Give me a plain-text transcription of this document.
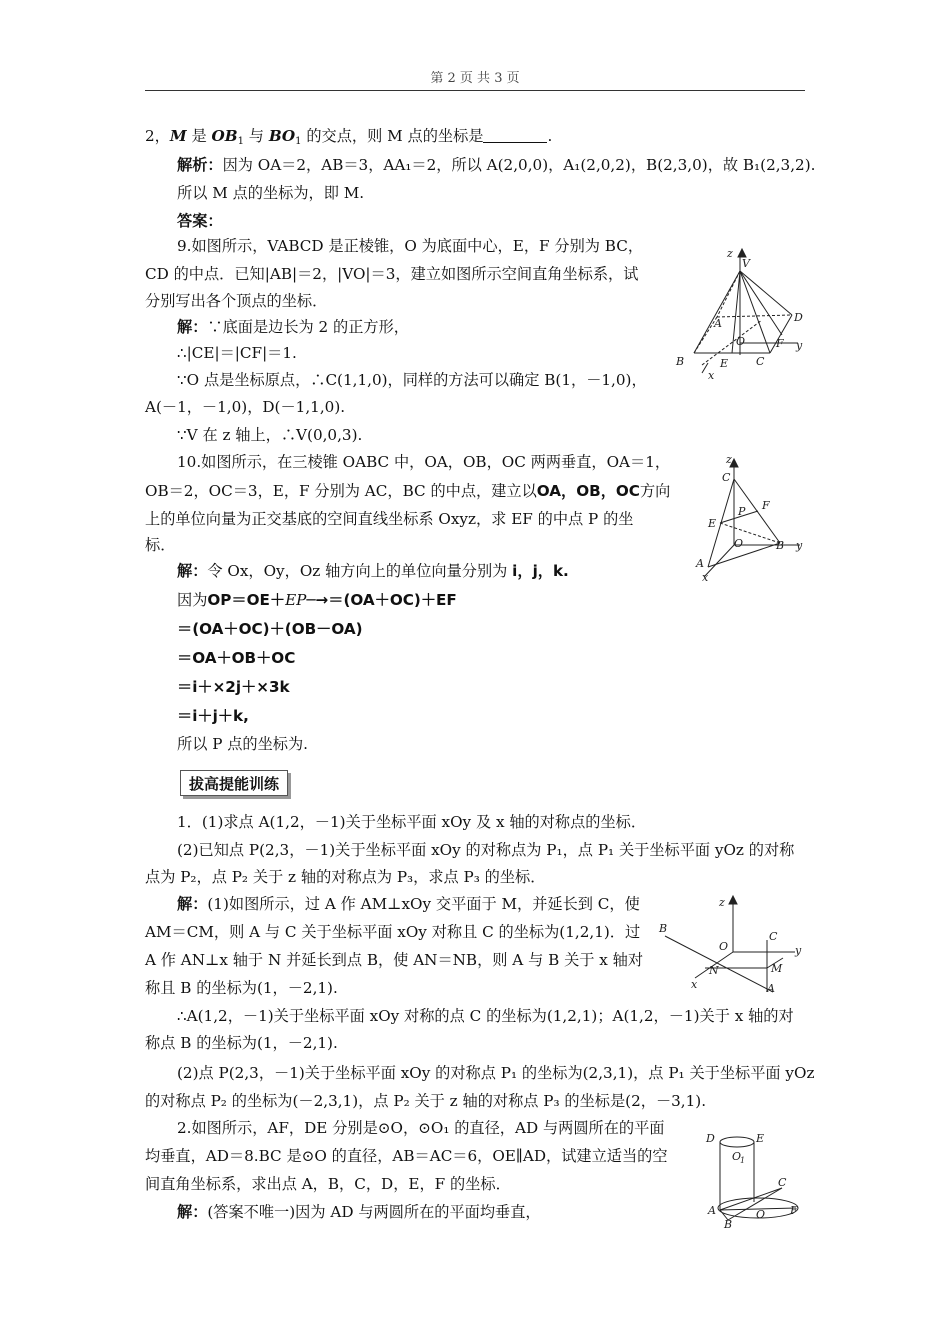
第 2 页 共 3 页
2，M 是 $OB_1$ 与 $BO_1$ 的交点，则 M 点的坐标是	.
解析：因为 OA＝2，AB＝3，AA₁＝2，所以 A(2,0,0)，A₁(2,0,2)，B(2,3,0)，故 B₁(2,3,2).
所以 M 点的坐标为，即 M.
答案：
9.如图所示，VABCD 是正棱锥，O 为底面中心，E，F 分别为 BC，
CD 的中点．已知|AB|＝2，|VO|＝3，建立如图所示空间直角坐标系，试
分别写出各个顶点的坐标．
解：∵底面是边长为 2 的正方形，
∴|CE|＝|CF|＝1.
∵O 点是坐标原点，∴C(1,1,0)，同样的方法可以确定 B(1，－1,0)，
A(－1，－1,0)，D(－1,1,0).
∵V 在 z 轴上，∴V(0,0,3).
z
V
D
A
O	y
B	E	C
F
x
10.如图所示，在三棱锥 OABC 中，OA，OB，OC 两两垂直，OA＝1，
OB＝2，OC＝3，E，F 分别为 AC，BC 的中点，建立以OA，OB，OC方向
上的单位向量为正交基底的空间直线坐标系 Oxyz，求 EF 的中点 P 的坐
标．
解：令 Ox，Oy，Oz 轴方向上的单位向量分别为 i，j，k.
因为OP＝OE＋EP─→＝(OA＋OC)＋EF
＝(OA＋OC)＋(OB－OA)
＝OA＋OB＋OC
＝i＋×2j＋×3k
＝i＋j＋k,
所以 P 点的坐标为.
z
C
F
P
E
O	B y
A
x
拔高提能训练
1．(1)求点 A(1,2，－1)关于坐标平面 xOy 及 x 轴的对称点的坐标．
(2)已知点 P(2,3，－1)关于坐标平面 xOy 的对称点为 P₁，点 P₁ 关于坐标平面 yOz 的对称
点为 P₂，点 P₂ 关于 z 轴的对称点为 P₃，求点 P₃ 的坐标．
解：(1)如图所示，过 A 作 AM⊥xOy 交平面于 M，并延长到 C，使
AM＝CM，则 A 与 C 关于坐标平面 xOy 对称且 C 的坐标为(1,2,1)．过
A 作 AN⊥x 轴于 N 并延长到点 B，使 AN＝NB，则 A 与 B 关于 x 轴对
称且 B 的坐标为(1，－2,1).
∴A(1,2，－1)关于坐标平面 xOy 对称的点 C 的坐标为(1,2,1)；A(1,2，－1)关于 x 轴的对
称点 B 的坐标为(1，－2,1).
(2)点 P(2,3，－1)关于坐标平面 xOy 的对称点 P₁ 的坐标为(2,3,1)，点 P₁ 关于坐标平面 yOz
的对称点 P₂ 的坐标为(－2,3,1)，点 P₂ 关于 z 轴的对称点 P₃ 的坐标是(2，－3,1).
z
B
C
O	y
N	M
x	A
2.如图所示，AF，DE 分别是⊙O，⊙O₁ 的直径，AD 与两圆所在的平面
均垂直，AD＝8.BC 是⊙O 的直径，AB＝AC＝6，OE∥AD，试建立适当的空
间直角坐标系，求出点 A，B，C，D，E，F 的坐标．
解：(答案不唯一)因为 AD 与两圆所在的平面均垂直，
D	E
O
1
C
A	O F
B
